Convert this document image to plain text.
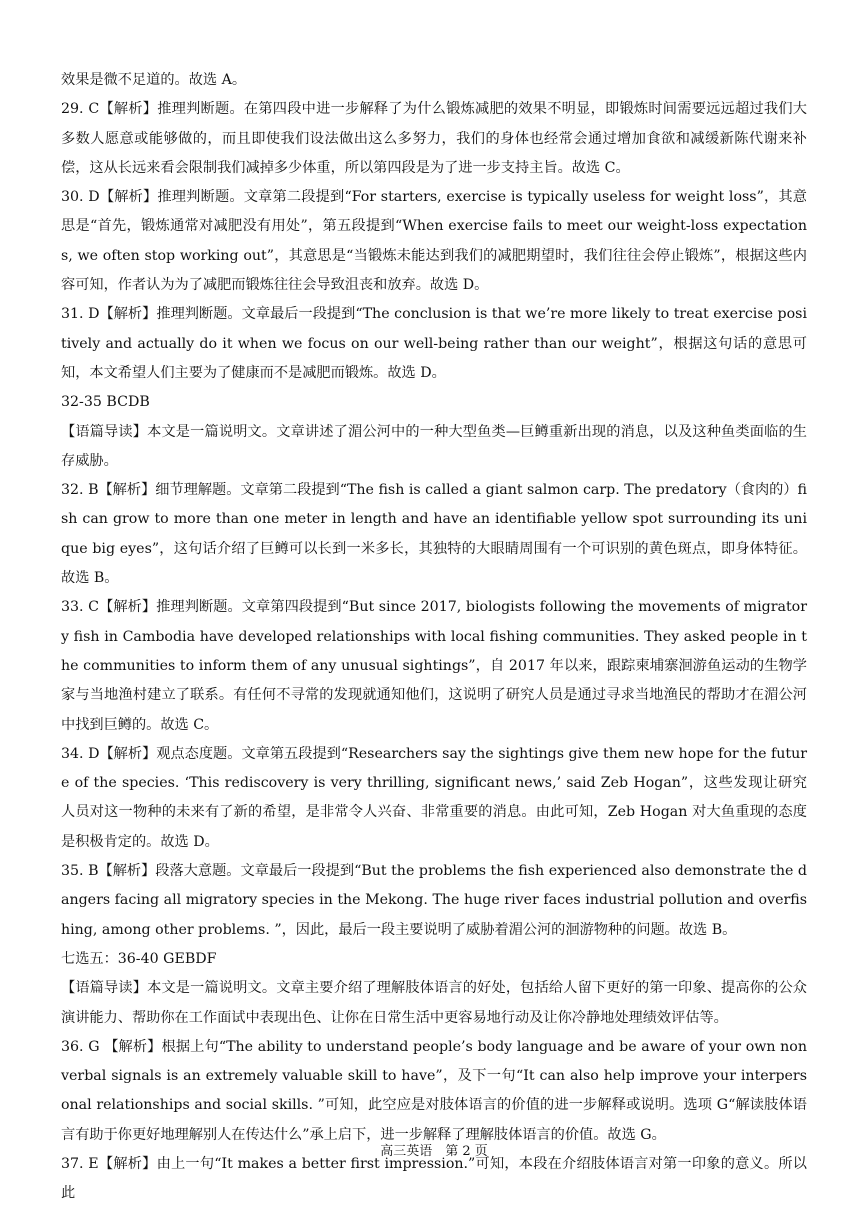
效果是微不足道的。故选 A。

29. C【解析】推理判断题。在第四段中进一步解释了为什么锻炼减肥的效果不明显，即锻炼时间需要远远超过我们大多数人愿意或能够做的，而且即使我们设法做出这么多努力，我们的身体也经常会通过增加食欲和减缓新陈代谢来补偿，这从长远来看会限制我们减掉多少体重，所以第四段是为了进一步支持主旨。故选 C。

30. D【解析】推理判断题。文章第二段提到“For starters, exercise is typically useless for weight loss”，其意思是“首先，锻炼通常对减肥没有用处”，第五段提到“When exercise fails to meet our weight-loss expectations, we often stop working out”，其意思是“当锻炼未能达到我们的减肥期望时，我们往往会停止锻炼”，根据这些内容可知，作者认为为了减肥而锻炼往往会导致沮丧和放弃。故选 D。

31. D【解析】推理判断题。文章最后一段提到“The conclusion is that we’re more likely to treat exercise positively and actually do it when we focus on our well-being rather than our weight”，根据这句话的意思可知，本文希望人们主要为了健康而不是减肥而锻炼。故选 D。

32-35 BCDB

【语篇导读】本文是一篇说明文。文章讲述了湄公河中的一种大型鱼类—巨鳟重新出现的消息，以及这种鱼类面临的生存威胁。

32. B【解析】细节理解题。文章第二段提到“The fish is called a giant salmon carp. The predatory（食肉的）fish can grow to more than one meter in length and have an identifiable yellow spot surrounding its unique big eyes”，这句话介绍了巨鳟可以长到一米多长，其独特的大眼睛周围有一个可识别的黄色斑点，即身体特征。故选 B。

33. C【解析】推理判断题。文章第四段提到“But since 2017, biologists following the movements of migratory fish in Cambodia have developed relationships with local fishing communities. They asked people in the communities to inform them of any unusual sightings”，自 2017 年以来，跟踪柬埔寨洄游鱼运动的生物学家与当地渔村建立了联系。有任何不寻常的发现就通知他们，这说明了研究人员是通过寻求当地渔民的帮助才在湄公河中找到巨鳟的。故选 C。

34. D【解析】观点态度题。文章第五段提到“Researchers say the sightings give them new hope for the future of the species. ‘This rediscovery is very thrilling, significant news,’ said Zeb Hogan”，这些发现让研究人员对这一物种的未来有了新的希望，是非常令人兴奋、非常重要的消息。由此可知，Zeb Hogan 对大鱼重现的态度是积极肯定的。故选 D。

35. B【解析】段落大意题。文章最后一段提到“But the problems the fish experienced also demonstrate the dangers facing all migratory species in the Mekong. The huge river faces industrial pollution and overfishing, among other problems. ”，因此，最后一段主要说明了威胁着湄公河的洄游物种的问题。故选 B。

七选五：36-40 GEBDF

【语篇导读】本文是一篇说明文。文章主要介绍了理解肢体语言的好处，包括给人留下更好的第一印象、提高你的公众演讲能力、帮助你在工作面试中表现出色、让你在日常生活中更容易地行动及让你冷静地处理绩效评估等。

36. G 【解析】根据上句“The ability to understand people’s body language and be aware of your own nonverbal signals is an extremely valuable skill to have”，及下一句“It can also help improve your interpersonal relationships and social skills. ”可知，此空应是对肢体语言的价值的进一步解释或说明。选项 G“解读肢体语言有助于你更好地理解别人在传达什么”承上启下，进一步解释了理解肢体语言的价值。故选 G。

37. E【解析】由上一句“It makes a better first impression.”可知，本段在介绍肢体语言对第一印象的意义。所以此

高三英语　第 2 页
